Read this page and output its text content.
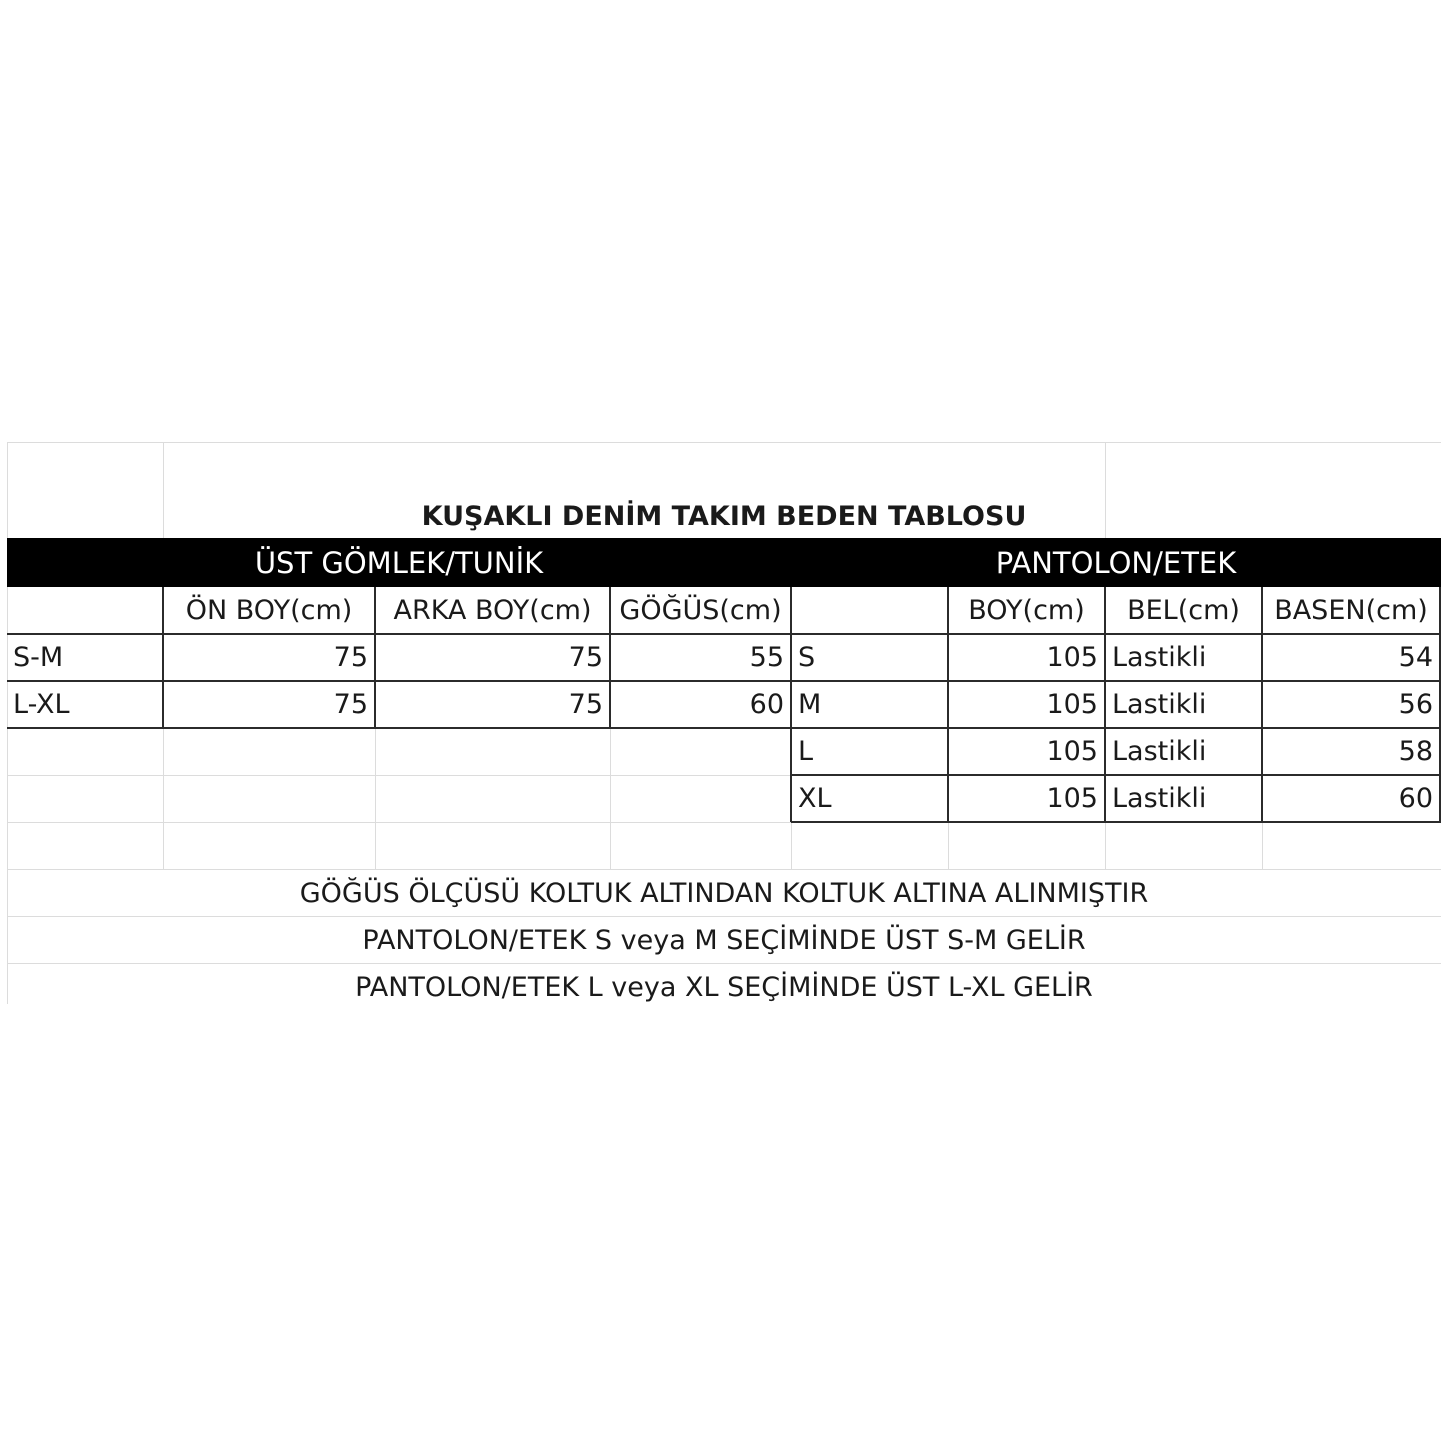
KUŞAKLI DENİM TAKIM BEDEN TABLOSU
ÜST GÖMLEK/TUNİK	PANTOLON/ETEK
ÖN BOY(cm)	ARKA BOY(cm)	GÖĞÜS(cm)
S-M	75	75	55
L-XL	75	75	60
BOY(cm)	BEL(cm)	BASEN(cm)
S	105 Lastikli	54
M	105 Lastikli	56
L	105 Lastikli	58
XL	105 Lastikli	60
GÖĞÜS ÖLÇÜSÜ KOLTUK ALTINDAN KOLTUK ALTINA ALINMIŞTIR
PANTOLON/ETEK S veya M SEÇİMİNDE ÜST S-M GELİR
PANTOLON/ETEK L veya XL SEÇİMİNDE ÜST L-XL GELİR
